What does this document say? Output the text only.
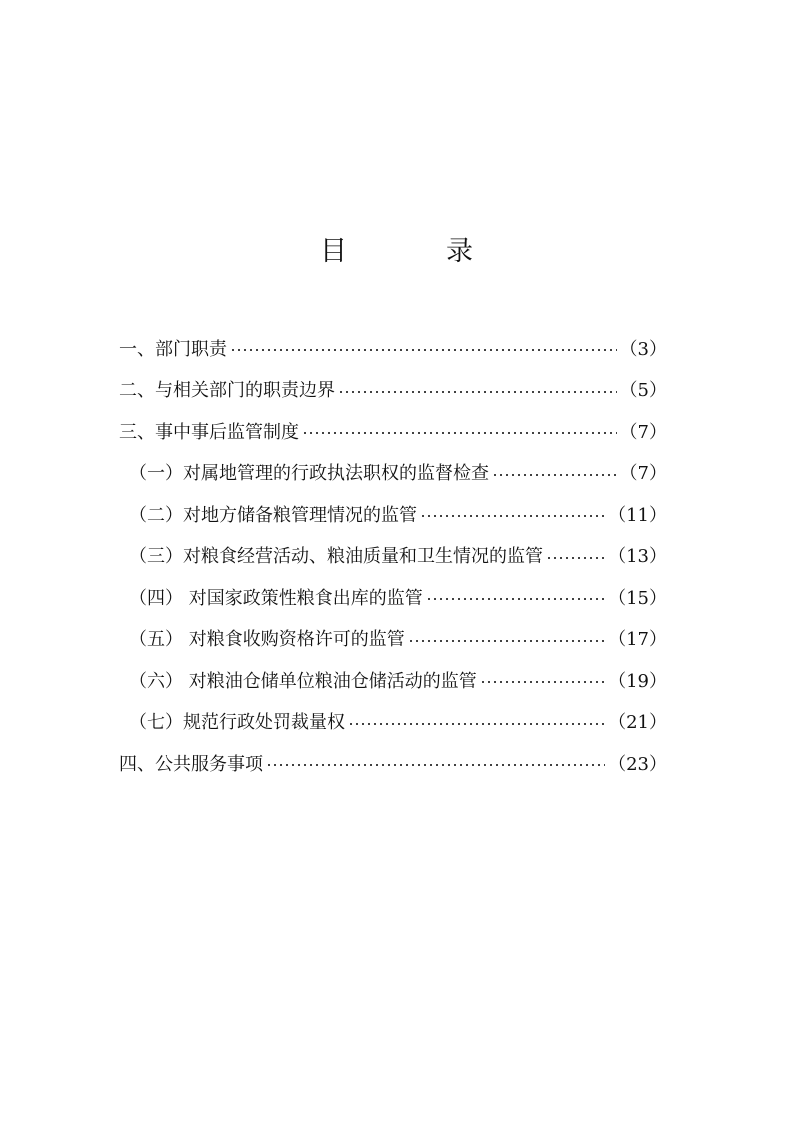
目　录
一、部门职责	（3）
二、与相关部门的职责边界	（5）
三、事中事后监管制度	（7）
（一）对属地管理的行政执法职权的监督检查	（7）
（二）对地方储备粮管理情况的监管	（11）
（三）对粮食经营活动、粮油质量和卫生情况的监管	（13）
（四） 对国家政策性粮食出库的监管	（15）
（五） 对粮食收购资格许可的监管	（17）
（六） 对粮油仓储单位粮油仓储活动的监管	（19）
（七）规范行政处罚裁量权	（21）
四、公共服务事项	（23）
